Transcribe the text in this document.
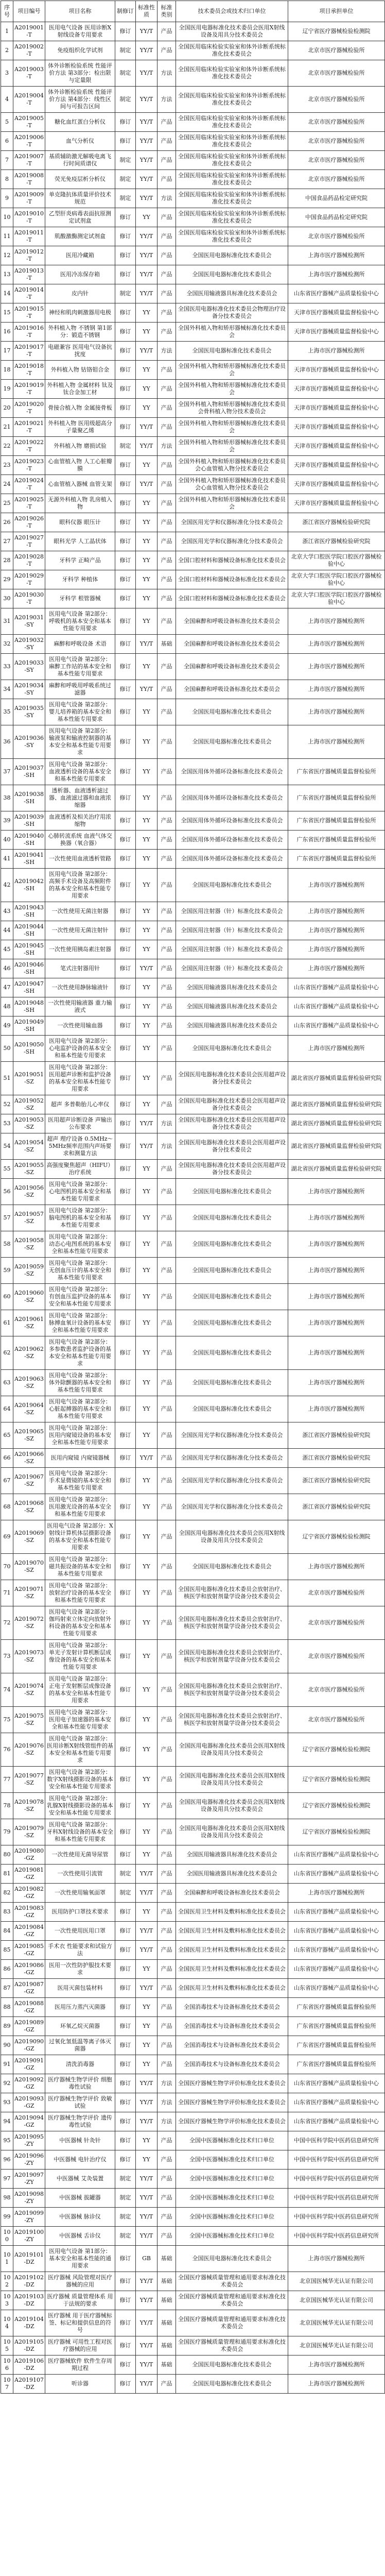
序号	项目编号	项目名称	制修订	标准性质	标准类别	技术委员会或技术归口单位	项目承担单位
1	A2019001-T	医用电气设备 医用诊断X射线设备专用要求	修订	YY/T	产品	全国医用电器标准化技术委员会医用X射线设备及用具分技术委员会	辽宁省医疗器械检验检测院
2	A2019002-T	免疫组织化学试剂	制定	YY/T	产品	全国医用临床检验实验室和体外诊断系统标准化技术委员会	北京市医疗器械检验所
3	A2019003-T	体外诊断检验系统 性能评价方法 第3部分：检出限与定量限	制定	YY/T	方法	全国医用临床检验实验室和体外诊断系统标准化技术委员会	北京市医疗器械检验所
4	A2019004-T	体外诊断检验系统 性能评价方法 第4部分：线性区间与可报告区间	制定	YY/T	方法	全国医用临床检验实验室和体外诊断系统标准化技术委员会	北京市医疗器械检验所
5	A2019005-T	糖化血红蛋白分析仪	修订	YY/T	产品	全国医用临床检验实验室和体外诊断系统标准化技术委员会	北京市医疗器械检验所
6	A2019006-T	血气分析仪	修订	YY/T	产品	全国医用临床检验实验室和体外诊断系统标准化技术委员会	北京市医疗器械检验所
7	A2019007-T	基质辅助激光解吸电离飞行时间质谱仪	制定	YY/T	产品	全国医用临床检验实验室和体外诊断系统标准化技术委员会	北京市医疗器械检验所
8	A2019008-T	荧光免疫层析分析仪	制定	YY/T	产品	全国医用临床检验实验室和体外诊断系统标准化技术委员会	北京市医疗器械检验所
9	A2019009-T	单克隆抗体质量评价技术规范	制定	YY/T	方法	全国医用临床检验实验室和体外诊断系统标准化技术委员会	中国食品药品检定研究院
10	A2019010-T	乙型肝炎病毒表面抗原测定试剂盒	修订	YY	产品	全国医用临床检验实验室和体外诊断系统标准化技术委员会	中国食品药品检定研究院
11	A2019011-T	肌酸激酶测定试剂盒	修订	YY/T	产品	全国医用临床检验实验室和体外诊断系统标准化技术委员会	北京市医疗器械检验所
12	A2019012-T	医用冷藏箱	修订	YY/T	产品	全国医用电器标准化技术委员会	上海市医疗器械检测所
13	A2019013-T	医用冷冻保存箱	修订	YY/T	产品	全国医用电器标准化技术委员会	上海市医疗器械检测所
14	A2019014-T	皮内针	制定	YY/T	产品	全国医用输液器具标准化技术委员会	山东省医疗器械产品质量检验中心
15	A2019015-T	神经和肌肉刺激器用电极	修订	YY	产品	全国医用电器标准化技术委员会物理治疗设备分技术委员会	天津市医疗器械质量监督检验中心
16	A2019016-T	外科植入物 不锈钢 第1部分：锻造不锈钢	修订	YY	产品	全国外科植入物和矫形器械标准化技术委员会	天津市医疗器械质量监督检验中心
17	A2019017-T	电磁兼容 医用电气设备抗扰度	修订	YY/T	方法	全国医用电器标准化技术委员会	上海市医疗器械检测所
18	A2019018-T	外科植入物 钴铬钼合金	修订	YY	产品	全国外科植入物和矫形器械标准化技术委员会	天津市医疗器械质量监督检验中心
19	A2019019-T	外科植入物 金属材料 钛及钛合金加工材	修订	YY	产品	全国外科植入物和矫形器械标准化技术委员会	天津市医疗器械质量监督检验中心
20	A2019020-T	骨接合植入物 金属接骨板	修订	YY	产品	全国外科植入物和矫形器械标准化技术委员会骨科植入物分技术委员会	天津市医疗器械质量监督检验中心
21	A2019021-T	外科植入物 医用级超高分子量聚乙烯	修订	YY/T	产品	全国外科植入物和矫形器械标准化技术委员会	天津市医疗器械质量监督检验中心
22	A2019022-T	外科植入物 磨损试验	制定	YY/T	方法	全国外科植入物和矫形器械标准化技术委员会	天津市医疗器械质量监督检验中心
23	A2019023-T	心血管植入物 人工心脏瓣膜	修订	YY	产品	全国外科植入物和矫形器械标准化技术委员会心血管植入物分技术委员会	天津市医疗器械质量监督检验中心
24	A2019024-T	心血管植入器械 血管支架	修订	YY/T	产品	全国外科植入物和矫形器械标准化技术委员会心血管植入物分技术委员会	天津市医疗器械质量监督检验中心
25	A2019025-T	无源外科植入物 乳房植入物	修订	YY	产品	全国外科植入物和矫形器械标准化技术委员会	天津市医疗器械质量监督检验中心
26	A2019026-T	眼科仪器 眼压计	修订	YY	产品	全国医用光学和仪器标准化分技术委员会	浙江省医疗器械检验研究院
27	A2019027-T	眼科光学 人工晶状体	修订	YY	产品	全国医用光学和仪器标准化分技术委员会	浙江省医疗器械检验研究院
28	A2019028-T	牙科学 正畸产品	修订	YY	产品	全国口腔材料和器械设备标准化技术委员会	北京大学口腔医学院口腔医疗器械检验中心
29	A2019029-T	牙科学 种植体	修订	YY	产品	全国口腔材料和器械设备标准化技术委员会	北京大学口腔医学院口腔医疗器械检验中心
30	A2019030-T	牙科学 根管器械	修订	YY	产品	全国口腔材料和器械设备标准化技术委员会	北京大学口腔医学院口腔医疗器械检验中心
31	A2019031-SY	医用电气设备 第2部分：呼吸机的基本安全和基本性能专用要求	修订	YY	产品	全国麻醉和呼吸设备标准化技术委员会	上海市医疗器械检测所
32	A2019032-SY	麻醉和呼吸设备 术语	修订	YY/T	基础	全国麻醉和呼吸设备标准化技术委员会	上海市医疗器械检测所
33	A2019033-SY	医用电气设备 第2部分：麻醉工作站的基本安全和基本性能专用要求	修订	YY	产品	全国麻醉和呼吸设备标准化技术委员会	上海市医疗器械检测所
34	A2019034-SY	麻醉和呼吸用呼吸系统过滤器	修订	YY/T	产品	全国麻醉和呼吸设备标准化技术委员会	上海市医疗器械检测所
35	A2019035-SY	医用电气设备 第2部分：婴儿培养箱的基本安全和基本性能专用要求	修订	YY	产品	全国医用电器标准化技术委员会	上海市医疗器械检测所
36	A2019036-SY	医用电气设备 第2部分：输液泵和输液控制器的基本安全和基本性能专用要求	修订	YY	产品	全国医用电器标准化技术委员会	上海市医疗器械检测所
37	A2019037-SH	医用电气设备 第2部分：血液透析设备的基本安全和基本性能专用要求	修订	YY	产品	全国医用体外循环设备标准化技术委员会	广东省医疗器械质量监督检验所
38	A2019038-SH	透析器、血液透析滤过器、血液滤过器和血液浓缩器	修订	YY	产品	全国医用体外循环设备标准化技术委员会	广东省医疗器械质量监督检验所
39	A2019039-SH	血液透析及相关治疗用浓缩物	修订	YY	产品	全国医用体外循环设备标准化技术委员会	广东省医疗器械质量监督检验所
40	A2019040-SH	心肺转流系统 血液气体交换器（氧合器）	修订	YY	产品	全国医用体外循环设备标准化技术委员会	广东省医疗器械质量监督检验所
41	A2019041-SH	一次性使用血液透析管路	修订	YY	产品	全国医用体外循环设备标准化技术委员会	广东省医疗器械质量监督检验所
42	A2019042-SH	医用电气设备 第2部分：高频手术设备及高频附件的基本安全和基本性能专用要求	修订	YY	产品	全国医用电器标准化技术委员会	上海市医疗器械检测所
43	A2019043-SH	一次性使用无菌注射器	修订	YY	产品	全国医用注射器（针）标准化技术委员会	上海市医疗器械检测所
44	A2019044-SH	一次性使用无菌注射针	修订	YY	产品	全国医用注射器（针）标准化技术委员会	上海市医疗器械检测所
45	A2019045-SH	一次性使用胰岛素注射器	修订	YY	产品	全国医用注射器（针）标准化技术委员会	上海市医疗器械检测所
46	A2019046-SH	笔式注射器用针	修订	YY/T	产品	全国医用注射器（针）标准化技术委员会	上海市医疗器械检测所
47	A2019047-SH	一次性使用静脉输液针	修订	YY	产品	全国医用输液器具标准化技术委员会	山东省医疗器械产品质量检验中心
48	A2019048-SH	一次性使用输液器 重力输液式	修订	YY	产品	全国医用输液器具标准化技术委员会	山东省医疗器械产品质量检验中心
49	A2019049-SH	一次性使用输血器	修订	YY	产品	全国医用输液器具标准化技术委员会	山东省医疗器械产品质量检验中心
50	A2019050-SH	医用电气设备 第2部分：心电监护设备的基本安全和基本性能专用要求	修订	YY	产品	全国医用电器标准化技术委员会	上海市医疗器械检测所
51	A2019051-SZ	医用电气设备 第2部分：医用超声诊断和监护设备的基本安全和基本性能专用要求	修订	YY	产品	全国医用电器标准化技术委员会医用超声设备分技术委员会	湖北省医疗器械质量监督检验研究院
52	A2019052-SZ	超声 多普勒胎儿心率仪	修订	YY	产品	全国医用电器标准化技术委员会医用超声设备分技术委员会	湖北省医疗器械质量监督检验研究院
53	A2019053-SZ	医用超声诊断设备 声输出公布要求	修订	YY/T	方法	全国医用电器标准化技术委员会医用超声设备分技术委员会	湖北省医疗器械质量监督检验研究院
54	A2019054-SZ	超声 理疗设备 0.5MHz～5MHz频率范围内声场要求和测量方法	修订	YY/T	方法	全国医用电器标准化技术委员会医用超声设备分技术委员会	湖北省医疗器械质量监督检验研究院
55	A2019055-SZ	高强度聚焦超声（HIFU）治疗系统	修订	YY	产品	全国医用电器标准化技术委员会医用超声设备分技术委员会	湖北省医疗器械质量监督检验研究院
56	A2019056-SZ	医用电气设备 第2部分：心电图机的基本安全和基本性能专用要求	修订	YY	产品	全国医用电器标准化技术委员会	上海市医疗器械检测所
57	A2019057-SZ	医用电气设备 第2部分：脑电图机的基本安全和基本性能专用要求	修订	YY	产品	全国医用电器标准化技术委员会	上海市医疗器械检测所
58	A2019058-SZ	医用电气设备 第2部分：动态心电图系统的基本安全和基本性能专用要求	修订	YY	产品	全国医用电器标准化技术委员会	上海市医疗器械检测所
59	A2019059-SZ	医用电气设备 第2部分：无创血压计的基本安全和基本性能专用要求	修订	YY	产品	全国医用电器标准化技术委员会	上海市医疗器械检测所
60	A2019060-SZ	医用电气设备 第2部分：有创血压监护设备的基本安全和基本性能专用要求	修订	YY	产品	全国医用电器标准化技术委员会	上海市医疗器械检测所
61	A2019061-SZ	医用电气设备 第2部分：脉搏血氧计设备的基本安全和基本性能专用要求	修订	YY	产品	全国医用电器标准化技术委员会	上海市医疗器械检测所
62	A2019062-SZ	医用电气设备 第2部分：多参数患者监护设备的基本安全和基本性能专用要求	修订	YY	产品	全国医用电器标准化技术委员会	上海市医疗器械检测所
63	A2019063-SZ	医用电气设备 第2部分：体外除颤器的基本安全和基本性能专用要求	修订	YY	产品	全国医用电器标准化技术委员会	上海市医疗器械检测所
64	A2019064-SZ	医用电气设备 第2部分：心脏起搏器的基本安全和基本性能专用要求	修订	YY	产品	全国医用电器标准化技术委员会	上海市医疗器械检测所
65	A2019065-SZ	医用电气设备 第2部分：医用内窥镜设备的基本安全和基本性能专用要求	修订	YY	产品	全国医用光学和仪器标准化分技术委员会	浙江省医疗器械检验研究院
66	A2019066-SZ	医用内窥镜 内窥镜器械	修订	YY/T	产品	全国医用光学和仪器标准化分技术委员会	浙江省医疗器械检验研究院
67	A2019067-SZ	医用电气设备 第2部分：手术显微镜的基本安全和基本性能专用要求	修订	YY	产品	全国医用光学和仪器标准化分技术委员会	浙江省医疗器械检验研究院
68	A2019068-SZ	医用电气设备 第2部分：医用激光设备的基本安全和基本性能专用要求	修订	YY	产品	全国医用光学和仪器标准化分技术委员会	浙江省医疗器械检验研究院
69	A2019069-SZ	医用电气设备 第2部分：X射线计算机体层摄影设备的基本安全和基本性能专用要求	修订	YY	产品	全国医用电器标准化技术委员会医用X射线设备及用具分技术委员会	辽宁省医疗器械检验检测院
70	A2019070-SZ	医用电气设备 第2部分：磁共振设备的基本安全和基本性能专用要求	修订	YY	产品	全国医用电器标准化技术委员会	上海市医疗器械检测所
71	A2019071-SZ	医用电气设备 第2部分：放射治疗设备的基本安全和基本性能专用要求	修订	YY	产品	全国医用电器标准化技术委员会放射治疗、核医学和放射剂量学设备分技术委员会	北京市医疗器械检验所
72	A2019072-SZ	医用电气设备 第2部分：伽玛射束立体定向放射外科设备的基本安全和基本性能专用要求	修订	YY	产品	全国医用电器标准化技术委员会放射治疗、核医学和放射剂量学设备分技术委员会	北京市医疗器械检验所
73	A2019073-SZ	医用电气设备 第2部分：单光子发射计算机断层成像设备的基本安全和基本性能专用要求	修订	YY	产品	全国医用电器标准化技术委员会放射治疗、核医学和放射剂量学设备分技术委员会	北京市医疗器械检验所
74	A2019074-SZ	医用电气设备 第2部分：正电子发射断层成像设备的基本安全和基本性能专用要求	修订	YY	产品	全国医用电器标准化技术委员会放射治疗、核医学和放射剂量学设备分技术委员会	北京市医疗器械检验所
75	A2019075-SZ	医用电气设备 第2部分：医用电子加速器的基本安全和基本性能专用要求	修订	YY	产品	全国医用电器标准化技术委员会放射治疗、核医学和放射剂量学设备分技术委员会	北京市医疗器械检验所
76	A2019076-SZ	医用电气设备 第2部分：医用诊断X射线管组件的基本安全和基本性能专用要求	修订	YY	产品	全国医用电器标准化技术委员会医用X射线设备及用具分技术委员会	辽宁省医疗器械检验检测院
77	A2019077-SZ	医用电气设备 第2部分：数字X射线摄影设备的基本安全和基本性能专用要求	修订	YY	产品	全国医用电器标准化技术委员会医用X射线设备及用具分技术委员会	辽宁省医疗器械检验检测院
78	A2019078-SZ	医用电气设备 第2部分：乳腺X射线摄影设备的基本安全和基本性能专用要求	修订	YY	产品	全国医用电器标准化技术委员会医用X射线设备及用具分技术委员会	辽宁省医疗器械检验检测院
79	A2019079-SZ	医用电气设备 第2部分：牙科X射线设备的基本安全和基本性能专用要求	修订	YY	产品	全国医用电器标准化技术委员会医用X射线设备及用具分技术委员会	辽宁省医疗器械检验检测院
80	A2019080-GZ	一次性使用无菌导尿管	修订	YY	产品	全国医用输液器具标准化技术委员会	山东省医疗器械产品质量检验中心
81	A2019081-GZ	一次性使用引流管	制定	YY/T	产品	全国医用输液器具标准化技术委员会	山东省医疗器械产品质量检验中心
82	A2019082-GZ	一次性使用输氧面罩	制定	YY/T	产品	全国麻醉和呼吸设备标准化技术委员会	上海市医疗器械检测所
83	A2019083-GZ	医用防护口罩技术要求	修订	YY	产品	全国医用卫生材料及敷料标准化技术委员会	山东省医疗器械产品质量检验中心
84	A2019084-GZ	一次性使用医用口罩	修订	YY/T	产品	全国医用卫生材料及敷料标准化技术委员会	山东省医疗器械产品质量检验中心
85	A2019085-GZ	手术衣 性能要求和试验方法	修订	YY/T	产品	全国医用卫生材料及敷料标准化技术委员会	山东省医疗器械产品质量检验中心
86	A2019086-GZ	医用一次性防护服技术要求	修订	YY	产品	全国医用卫生材料及敷料标准化技术委员会	山东省医疗器械产品质量检验中心
87	A2019087-GZ	医用灭菌包装材料	修订	YY/T	产品	全国医用卫生材料及敷料标准化技术委员会	山东省医疗器械产品质量检验中心
88	A2019088-GZ	医用压力蒸汽灭菌器	修订	YY	产品	全国消毒技术与设备标准化技术委员会	广东省医疗器械质量监督检验所
89	A2019089-GZ	环氧乙烷灭菌器	修订	YY	产品	全国消毒技术与设备标准化技术委员会	广东省医疗器械质量监督检验所
90	A2019090-GZ	过氧化氢低温等离子体灭菌器	修订	YY	产品	全国消毒技术与设备标准化技术委员会	广东省医疗器械质量监督检验所
91	A2019091-GZ	清洗消毒器	修订	YY	产品	全国消毒技术与设备标准化技术委员会	广东省医疗器械质量监督检验所
92	A2019092-GZ	医疗器械生物学评价 细胞毒性试验	修订	YY/T	方法	全国医疗器械生物学评价标准化技术委员会	山东省医疗器械产品质量检验中心
93	A2019093-GZ	医疗器械生物学评价 致敏试验	修订	YY/T	方法	全国医疗器械生物学评价标准化技术委员会	山东省医疗器械产品质量检验中心
94	A2019094-GZ	医疗器械生物学评价 遗传毒性试验	修订	YY/T	方法	全国医疗器械生物学评价标准化技术委员会	山东省医疗器械产品质量检验中心
95	A2019095-ZY	中医器械 针灸针	修订	YY	产品	全国中医器械标准化技术归口单位	中国中医科学院中医药信息研究所
96	A2019096-ZY	中医器械 电针治疗仪	修订	YY	产品	全国中医器械标准化技术归口单位	中国中医科学院中医药信息研究所
97	A2019097-ZY	中医器械 艾灸装置	制定	YY/T	产品	全国中医器械标准化技术归口单位	中国中医科学院中医药信息研究所
98	A2019098-ZY	中医器械 拔罐器	制定	YY/T	产品	全国中医器械标准化技术归口单位	中国中医科学院中医药信息研究所
99	A2019099-ZY	中医器械 脉诊仪	制定	YY/T	产品	全国中医器械标准化技术归口单位	中国中医科学院中医药信息研究所
100	A2019100-ZY	中医器械 舌诊仪	制定	YY/T	产品	全国中医器械标准化技术归口单位	中国中医科学院中医药信息研究所
101	A2019101-DZ	医用电气设备 第1部分：基本安全和基本性能的通用要求	修订	GB	基础	全国医用电器标准化技术委员会	上海市医疗器械检测所
102	A2019102-DZ	医疗器械 风险管理对医疗器械的应用	修订	YY/T	基础	全国医疗器械质量管理和通用要求标准化技术委员会	北京国医械华光认证有限公司
103	A2019103-DZ	医疗器械 质量管理体系 用于法规的要求	修订	YY/T	基础	全国医疗器械质量管理和通用要求标准化技术委员会	北京国医械华光认证有限公司
104	A2019104-DZ	医疗器械 用于医疗器械标签、标记和提供信息的符号	修订	YY/T	基础	全国医疗器械质量管理和通用要求标准化技术委员会	北京国医械华光认证有限公司
105	A2019105-DZ	医疗器械 可用性工程对医疗器械的应用	修订	YY/T	基础	全国医疗器械质量管理和通用要求标准化技术委员会	北京国医械华光认证有限公司
106	A2019106-DZ	医疗器械软件 软件生存周期过程	修订	YY/T	基础	全国医用电器标准化技术委员会	上海市医疗器械检测所
107	A2019107-DZ	听诊器	修订	YY/T	产品	全国医用电器标准化技术委员会	上海市医疗器械检测所
